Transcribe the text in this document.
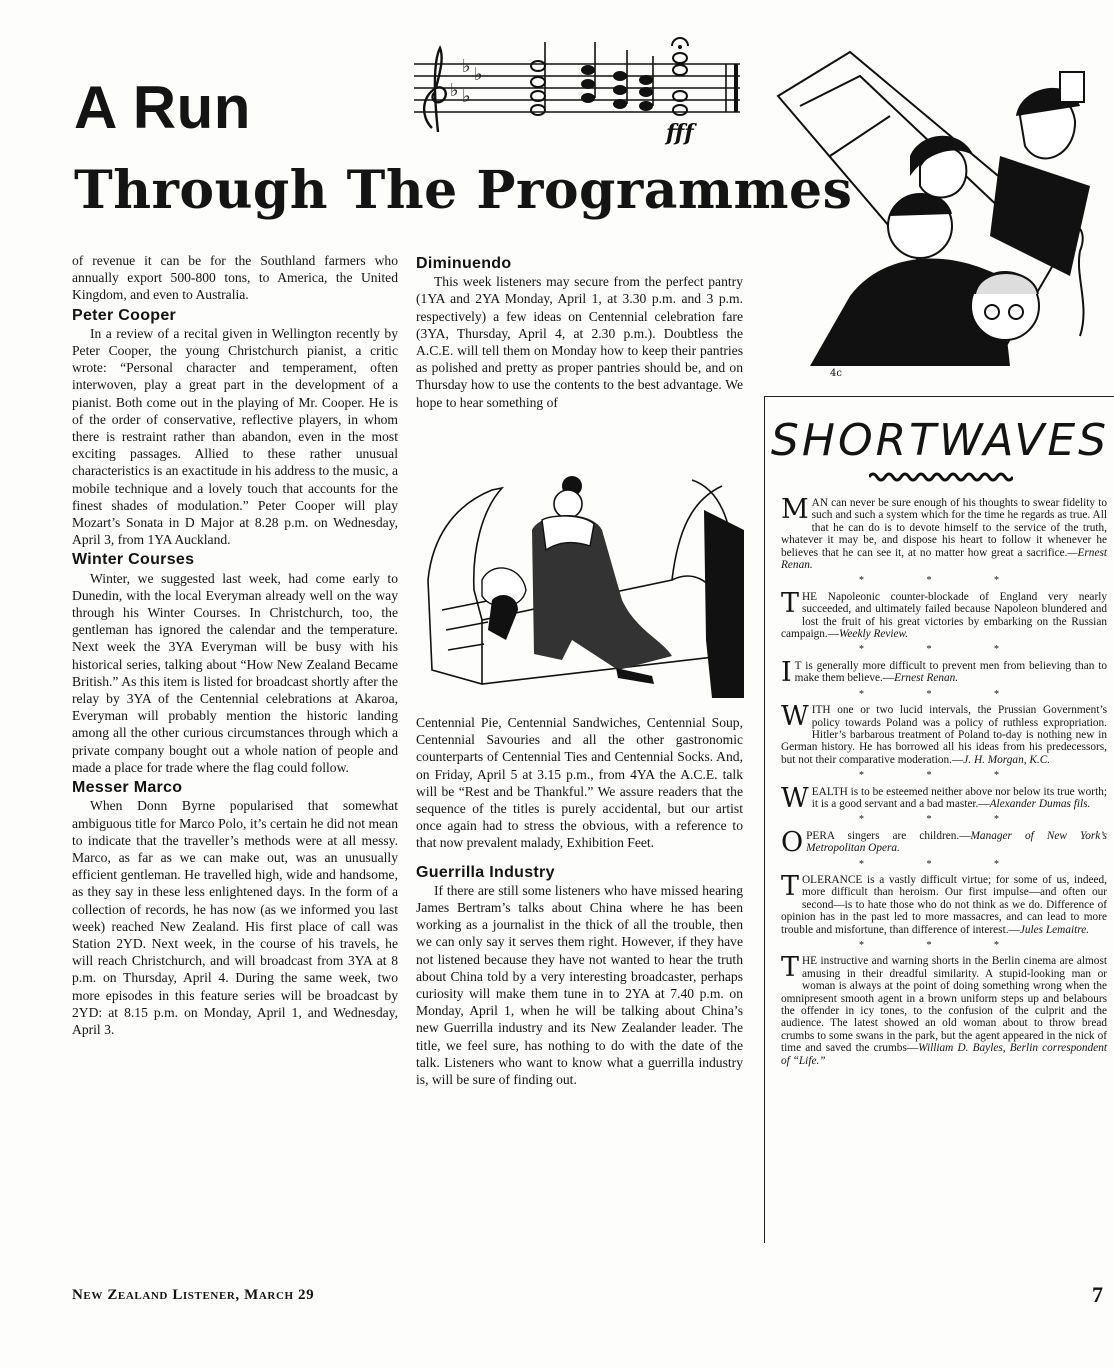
A Run
Through The Programmes
♭ ♭
♭ ♭
fff
4c

of revenue it can be for the Southland farmers who annually export 500-800 tons, to America, the United Kingdom, and even to Australia.

Peter Cooper

In a review of a recital given in Wellington recently by Peter Cooper, the young Christchurch pianist, a critic wrote: “Personal character and temperament, often interwoven, play a great part in the development of a pianist. Both come out in the playing of Mr. Cooper. He is of the order of conservative, reflective players, in whom there is restraint rather than abandon, even in the most exciting passages. Allied to these rather unusual characteristics is an exactitude in his address to the music, a mobile technique and a lovely touch that accounts for the finest shades of modulation.” Peter Cooper will play Mozart’s Sonata in D Major at 8.28 p.m. on Wednesday, April 3, from 1YA Auckland.

Winter Courses

Winter, we suggested last week, had come early to Dunedin, with the local Everyman already well on the way through his Winter Courses. In Christchurch, too, the gentleman has ignored the calendar and the temperature. Next week the 3YA Everyman will be busy with his historical series, talking about “How New Zealand Became British.” As this item is listed for broadcast shortly after the relay by 3YA of the Centennial celebrations at Akaroa, Everyman will probably mention the historic landing among all the other curious circumstances through which a private company bought out a whole nation of people and made a place for trade where the flag could follow.

Messer Marco

When Donn Byrne popularised that somewhat ambiguous title for Marco Polo, it’s certain he did not mean to indicate that the traveller’s methods were at all messy. Marco, as far as we can make out, was an unusually efficient gentleman. He travelled high, wide and handsome, as they say in these less enlightened days. In the form of a collection of records, he has now (as we informed you last week) reached New Zealand. His first place of call was Station 2YD. Next week, in the course of his travels, he will reach Christchurch, and will broadcast from 3YA at 8 p.m. on Thursday, April 4. During the same week, two more episodes in this feature series will be broadcast by 2YD: at 8.15 p.m. on Monday, April 1, and Wednesday, April 3.

Diminuendo

This week listeners may secure from the perfect pantry (1YA and 2YA Monday, April 1, at 3.30 p.m. and 3 p.m. respectively) a few ideas on Centennial celebration fare (3YA, Thursday, April 4, at 2.30 p.m.). Doubtless the A.C.E. will tell them on Monday how to keep their pantries as polished and pretty as proper pantries should be, and on Thursday how to use the contents to the best advantage. We hope to hear something of

3

Centennial Pie, Centennial Sandwiches, Centennial Soup, Centennial Savouries and all the other gastronomic counterparts of Centennial Ties and Centennial Socks. And, on Friday, April 5 at 3.15 p.m., from 4YA the A.C.E. talk will be “Rest and be Thankful.” We assure readers that the sequence of the titles is purely accidental, but our artist once again had to stress the obvious, with a reference to that now prevalent malady, Exhibition Feet.

Guerrilla Industry

If there are still some listeners who have missed hearing James Bertram’s talks about China where he has been working as a journalist in the thick of all the trouble, then we can only say it serves them right. However, if they have not listened because they have not wanted to hear the truth about China told by a very interesting broadcaster, perhaps curiosity will make them tune in to 2YA at 7.40 p.m. on Monday, April 1, when he will be talking about China’s new Guerrilla industry and its New Zealander leader. The title, we feel sure, has nothing to do with the date of the talk. Listeners who want to know what a guerrilla industry is, will be sure of finding out.

SHORTWAVES

MAN can never be sure enough of his thoughts to swear fidelity to such and such a system which for the time he regards as true. All that he can do is to devote himself to the service of the truth, whatever it may be, and dispose his heart to follow it whenever he believes that he can see it, at no matter how great a sacrifice.—Ernest Renan.

* * *

THE Napoleonic counter-blockade of England very nearly succeeded, and ultimately failed because Napoleon blundered and lost the fruit of his great victories by embarking on the Russian campaign.—Weekly Review.

* * *

I T is generally more difficult to prevent men from believing than to make them believe.—Ernest Renan.

* * *

WITH one or two lucid intervals, the Prussian Government’s policy towards Poland was a policy of ruthless expropriation. Hitler’s barbarous treatment of Poland to-day is nothing new in German history. He has borrowed all his ideas from his predecessors, but not their comparative moderation.—J. H. Morgan, K.C.

* * *

WEALTH is to be esteemed neither above nor below its true worth; it is a good servant and a bad master.—Alexander Dumas fils.

* * *

OPERA singers are children.—Manager of New York’s Metropolitan Opera.

* * *

TOLERANCE is a vastly difficult virtue; for some of us, indeed, more difficult than heroism. Our first impulse—and often our second—is to hate those who do not think as we do. Difference of opinion has in the past led to more massacres, and can lead to more trouble and misfortune, than difference of interest.—Jules Lemaitre.

* * *

THE instructive and warning shorts in the Berlin cinema are almost amusing in their dreadful similarity. A stupid-looking man or woman is always at the point of doing something wrong when the omnipresent smooth agent in a brown uniform steps up and belabours the offender in icy tones, to the confusion of the culprit and the audience. The latest showed an old woman about to throw bread crumbs to some swans in the park, but the agent appeared in the nick of time and saved the crumbs—William D. Bayles, Berlin correspondent of “Life.”

New Zealand Listener, March 29	7
